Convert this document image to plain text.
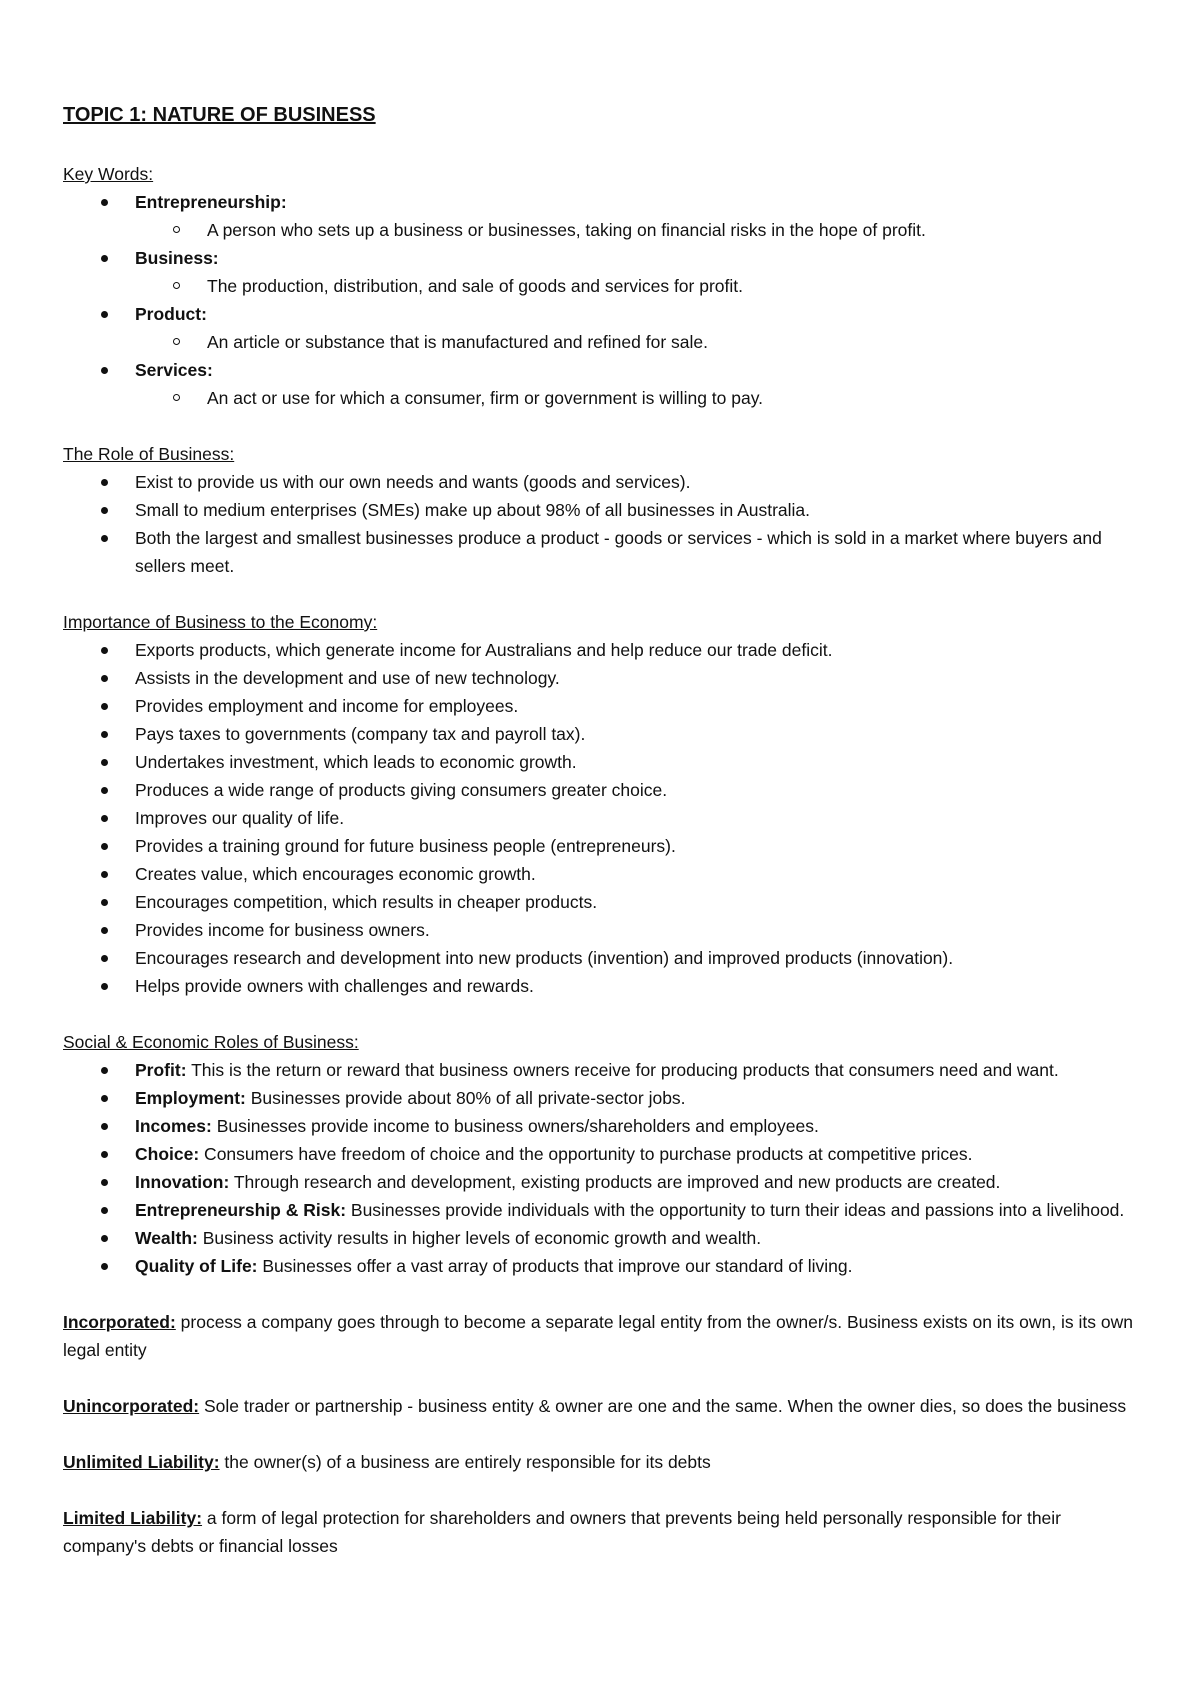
TOPIC 1: NATURE OF BUSINESS
Key Words:
Entrepreneurship:
A person who sets up a business or businesses, taking on financial risks in the hope of profit.
Business:
The production, distribution, and sale of goods and services for profit.
Product:
An article or substance that is manufactured and refined for sale.
Services:
An act or use for which a consumer, firm or government is willing to pay.
The Role of Business:
Exist to provide us with our own needs and wants (goods and services).
Small to medium enterprises (SMEs) make up about 98% of all businesses in Australia.
Both the largest and smallest businesses produce a product - goods or services - which is sold in a market where buyers and sellers meet.
Importance of Business to the Economy:
Exports products, which generate income for Australians and help reduce our trade deficit.
Assists in the development and use of new technology.
Provides employment and income for employees.
Pays taxes to governments (company tax and payroll tax).
Undertakes investment, which leads to economic growth.
Produces a wide range of products giving consumers greater choice.
Improves our quality of life.
Provides a training ground for future business people (entrepreneurs).
Creates value, which encourages economic growth.
Encourages competition, which results in cheaper products.
Provides income for business owners.
Encourages research and development into new products (invention) and improved products (innovation).
Helps provide owners with challenges and rewards.
Social & Economic Roles of Business:
Profit: This is the return or reward that business owners receive for producing products that consumers need and want.
Employment: Businesses provide about 80% of all private-sector jobs.
Incomes: Businesses provide income to business owners/shareholders and employees.
Choice: Consumers have freedom of choice and the opportunity to purchase products at competitive prices.
Innovation: Through research and development, existing products are improved and new products are created.
Entrepreneurship & Risk: Businesses provide individuals with the opportunity to turn their ideas and passions into a livelihood.
Wealth: Business activity results in higher levels of economic growth and wealth.
Quality of Life: Businesses offer a vast array of products that improve our standard of living.
Incorporated: process a company goes through to become a separate legal entity from the owner/s. Business exists on its own, is its own legal entity
Unincorporated: Sole trader or partnership - business entity & owner are one and the same. When the owner dies, so does the business
Unlimited Liability: the owner(s) of a business are entirely responsible for its debts
Limited Liability: a form of legal protection for shareholders and owners that prevents being held personally responsible for their company's debts or financial losses
